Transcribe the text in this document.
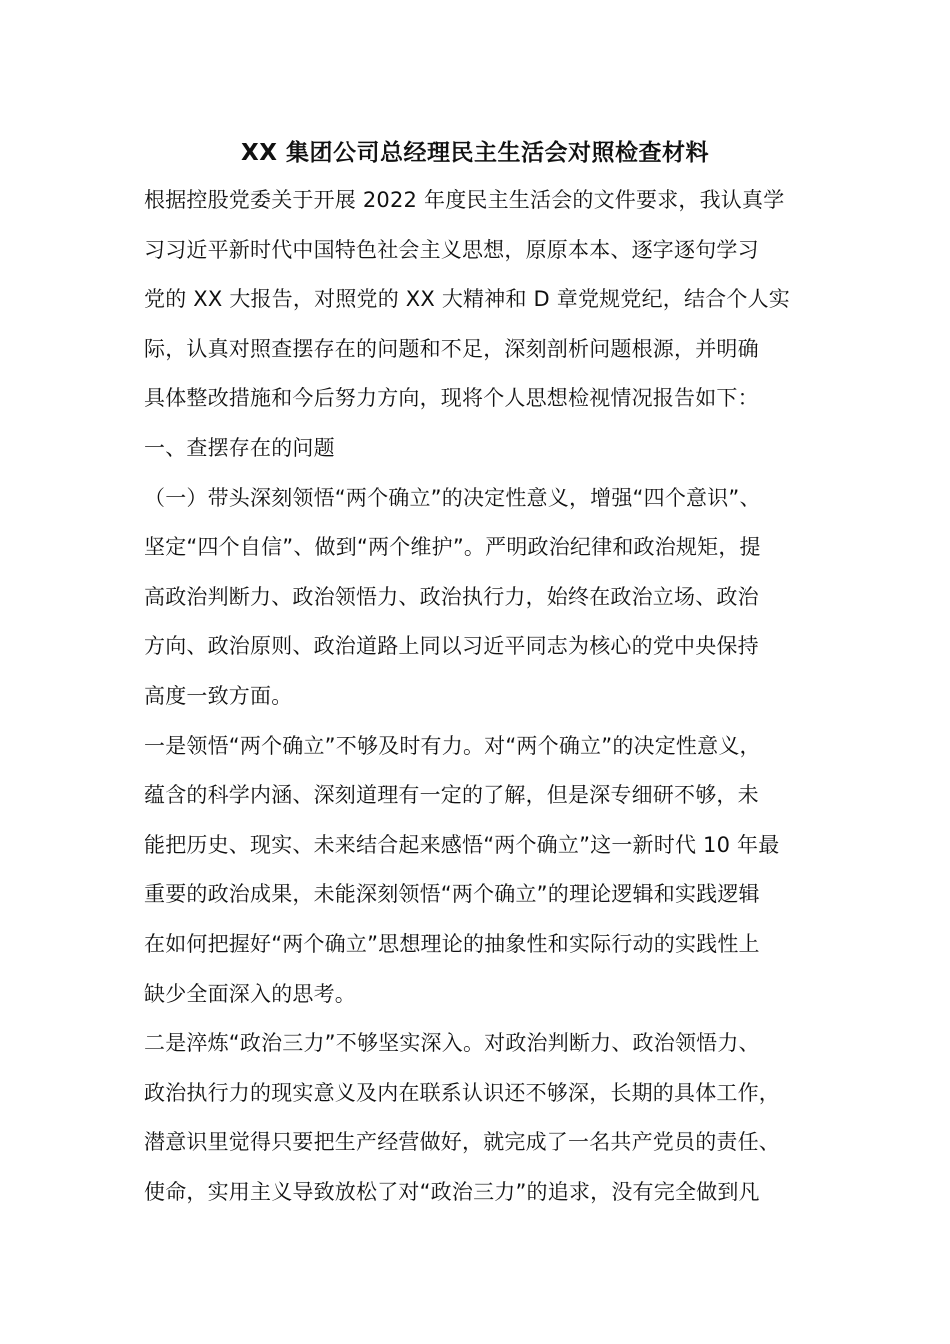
XX 集团公司总经理民主生活会对照检查材料
根据控股党委关于开展 2022 年度民主生活会的文件要求，我认真学
习习近平新时代中国特色社会主义思想，原原本本、逐字逐句学习
党的 XX 大报告，对照党的 XX 大精神和 D 章党规党纪，结合个人实
际，认真对照查摆存在的问题和不足，深刻剖析问题根源，并明确
具体整改措施和今后努力方向，现将个人思想检视情况报告如下：
一、查摆存在的问题
（一）带头深刻领悟“两个确立”的决定性意义，增强“四个意识”、
坚定“四个自信”、做到“两个维护”。严明政治纪律和政治规矩，提
高政治判断力、政治领悟力、政治执行力，始终在政治立场、政治
方向、政治原则、政治道路上同以习近平同志为核心的党中央保持
高度一致方面。
一是领悟“两个确立”不够及时有力。对“两个确立”的决定性意义，
蕴含的科学内涵、深刻道理有一定的了解，但是深专细研不够，未
能把历史、现实、未来结合起来感悟“两个确立”这一新时代 10 年最
重要的政治成果，未能深刻领悟“两个确立”的理论逻辑和实践逻辑
在如何把握好“两个确立”思想理论的抽象性和实际行动的实践性上
缺少全面深入的思考。
二是淬炼“政治三力”不够坚实深入。对政治判断力、政治领悟力、
政治执行力的现实意义及内在联系认识还不够深，长期的具体工作，
潜意识里觉得只要把生产经营做好，就完成了一名共产党员的责任、
使命，实用主义导致放松了对“政治三力”的追求，没有完全做到凡
